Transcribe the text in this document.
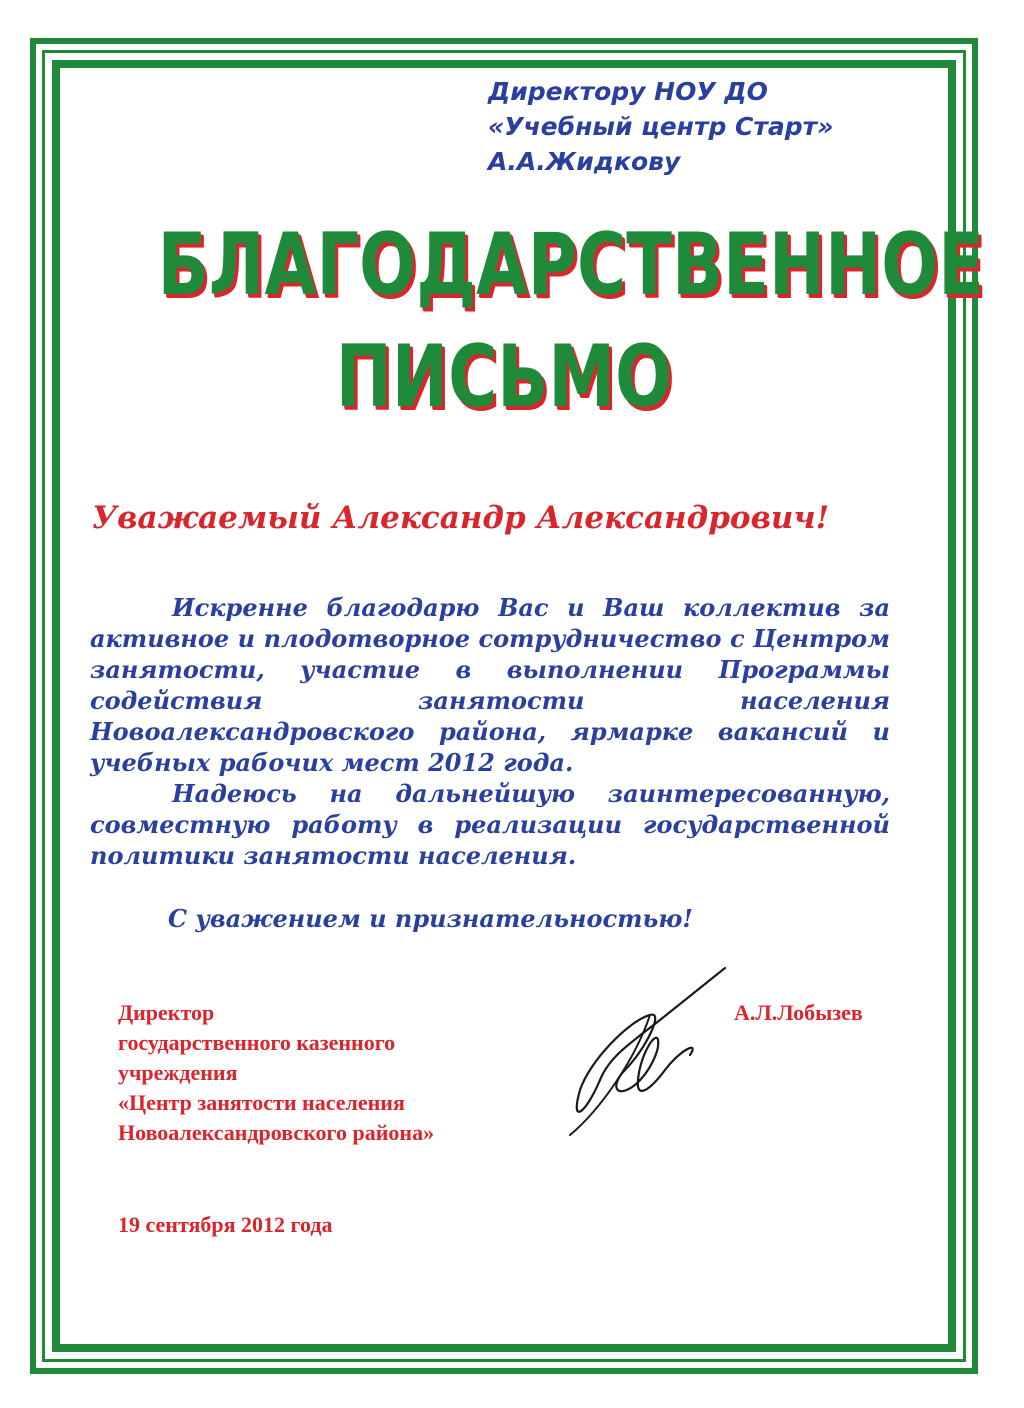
Директору НОУ ДО
«Учебный центр Старт»
А.А.Жидкову
БЛАГОДАРСТВЕННОЕ
ПИСЬМО
Уважаемый Александр Александрович!

Искренне благодарю Вас и Ваш коллектив за активное и плодотворное сотрудничество с Центром занятости, участие в выполнении Программы содействия занятости населения Новоалександровского района, ярмарке вакансий и учебных рабочих мест 2012 года.

Надеюсь на дальнейшую заинтересованную, совместную работу в реализации государственной политики занятости населения.

С уважением и признательностью!
Директор
государственного казенного
учреждения
«Центр занятости населения
Новоалександровского района»
А.Л.Лобызев
19 сентября 2012 года
